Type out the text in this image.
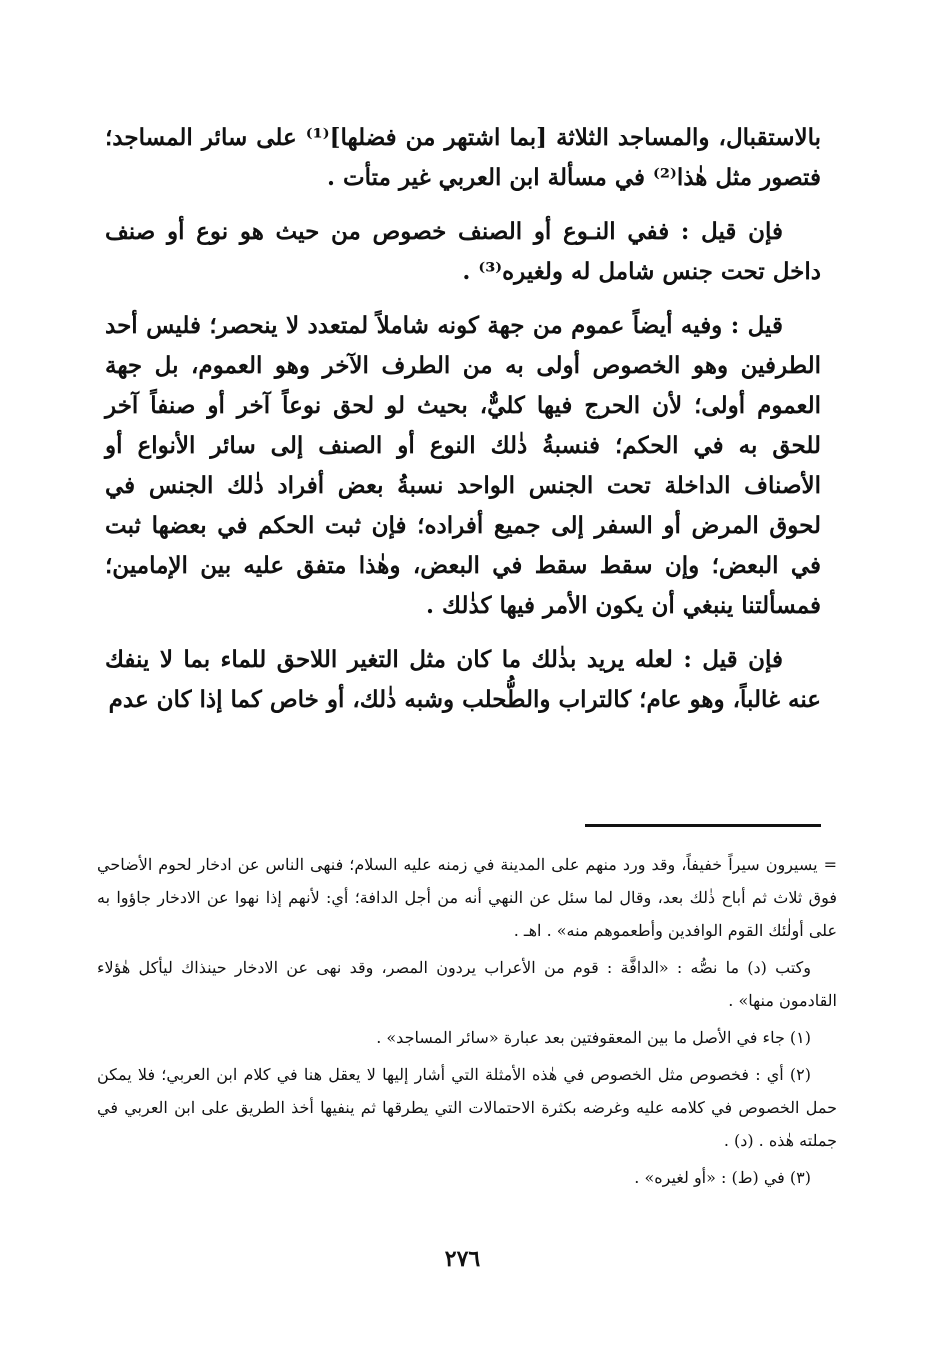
بالاستقبال، والمساجد الثلاثة [بما اشتهر من فضلها]⁽¹⁾ على سائر المساجد؛ فتصور مثل هٰذا⁽²⁾ في مسألة ابن العربي غير متأت .

فإن قيل : ففي النـوع أو الصنف خصوص من حيث هو نوع أو صنف داخل تحت جنس شامل له ولغيره⁽³⁾ .

قيل : وفيه أيضاً عموم من جهة كونه شاملاً لمتعدد لا ينحصر؛ فليس أحد الطرفين وهو الخصوص أولى به من الطرف الآخر وهو العموم، بل جهة العموم أولى؛ لأن الحرج فيها كليٌّ، بحيث لو لحق نوعاً آخر أو صنفاً آخر للحق به في الحكم؛ فنسبةُ ذٰلك النوع أو الصنف إلى سائر الأنواع أو الأصناف الداخلة تحت الجنس الواحد نسبةُ بعض أفراد ذٰلك الجنس في لحوق المرض أو السفر إلى جميع أفراده؛ فإن ثبت الحكم في بعضها ثبت في البعض؛ وإن سقط سقط في البعض، وهٰذا متفق عليه بين الإمامين؛ فمسألتنا ينبغي أن يكون الأمر فيها كذٰلك .

فإن قيل : لعله يريد بذٰلك ما كان مثل التغير اللاحق للماء بما لا ينفك عنه غالباً، وهو عام؛ كالتراب والطُّحلب وشبه ذٰلك، أو خاص كما إذا كان عدم

= يسيرون سيراً خفيفاً، وقد ورد منهم على المدينة في زمنه عليه السلام؛ فنهى الناس عن ادخار لحوم الأضاحي فوق ثلاث ثم أباح ذٰلك بعد، وقال لما سئل عن النهي أنه من أجل الدافة؛ أي: لأنهم إذا نهوا عن الادخار جاؤوا به على أولٰئك القوم الوافدين وأطعموهم منه» . اهـ .

وكتب (د) ما نصُّه : «الدافَّة : قوم من الأعراب يردون المصر، وقد نهى عن الادخار حينذاك ليأكل هٰؤلاء القادمون منها» .

(١) جاء في الأصل ما بين المعقوفتين بعد عبارة «سائر المساجد» .

(٢) أي : فخصوص مثل الخصوص في هٰذه الأمثلة التي أشار إليها لا يعقل هنا في كلام ابن العربي؛ فلا يمكن حمل الخصوص في كلامه عليه وغرضه بكثرة الاحتمالات التي يطرقها ثم ينفيها أخذ الطريق على ابن العربي في جملته هٰذه . (د) .

(٣) في (ط) : «أو لغيره» .

٢٧٦
